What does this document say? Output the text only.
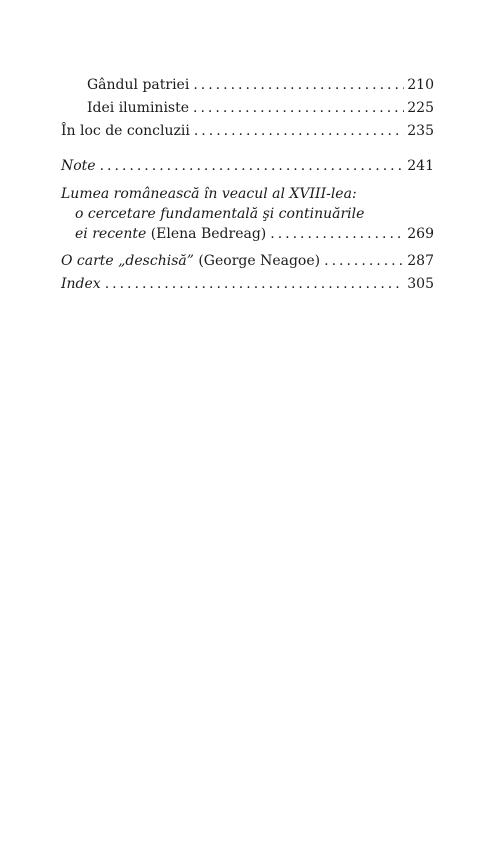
Gândul patriei .....	210
Idei iluministe .....	225
În loc de concluzii .....	235
Note .....	241
Lumea românească în veacul al XVIII-lea:
o cercetare fundamentală şi continuările
ei recente (Elena Bedreag) .....	269
O carte „deschisă” (George Neagoe) .....	287
Index .....	305
